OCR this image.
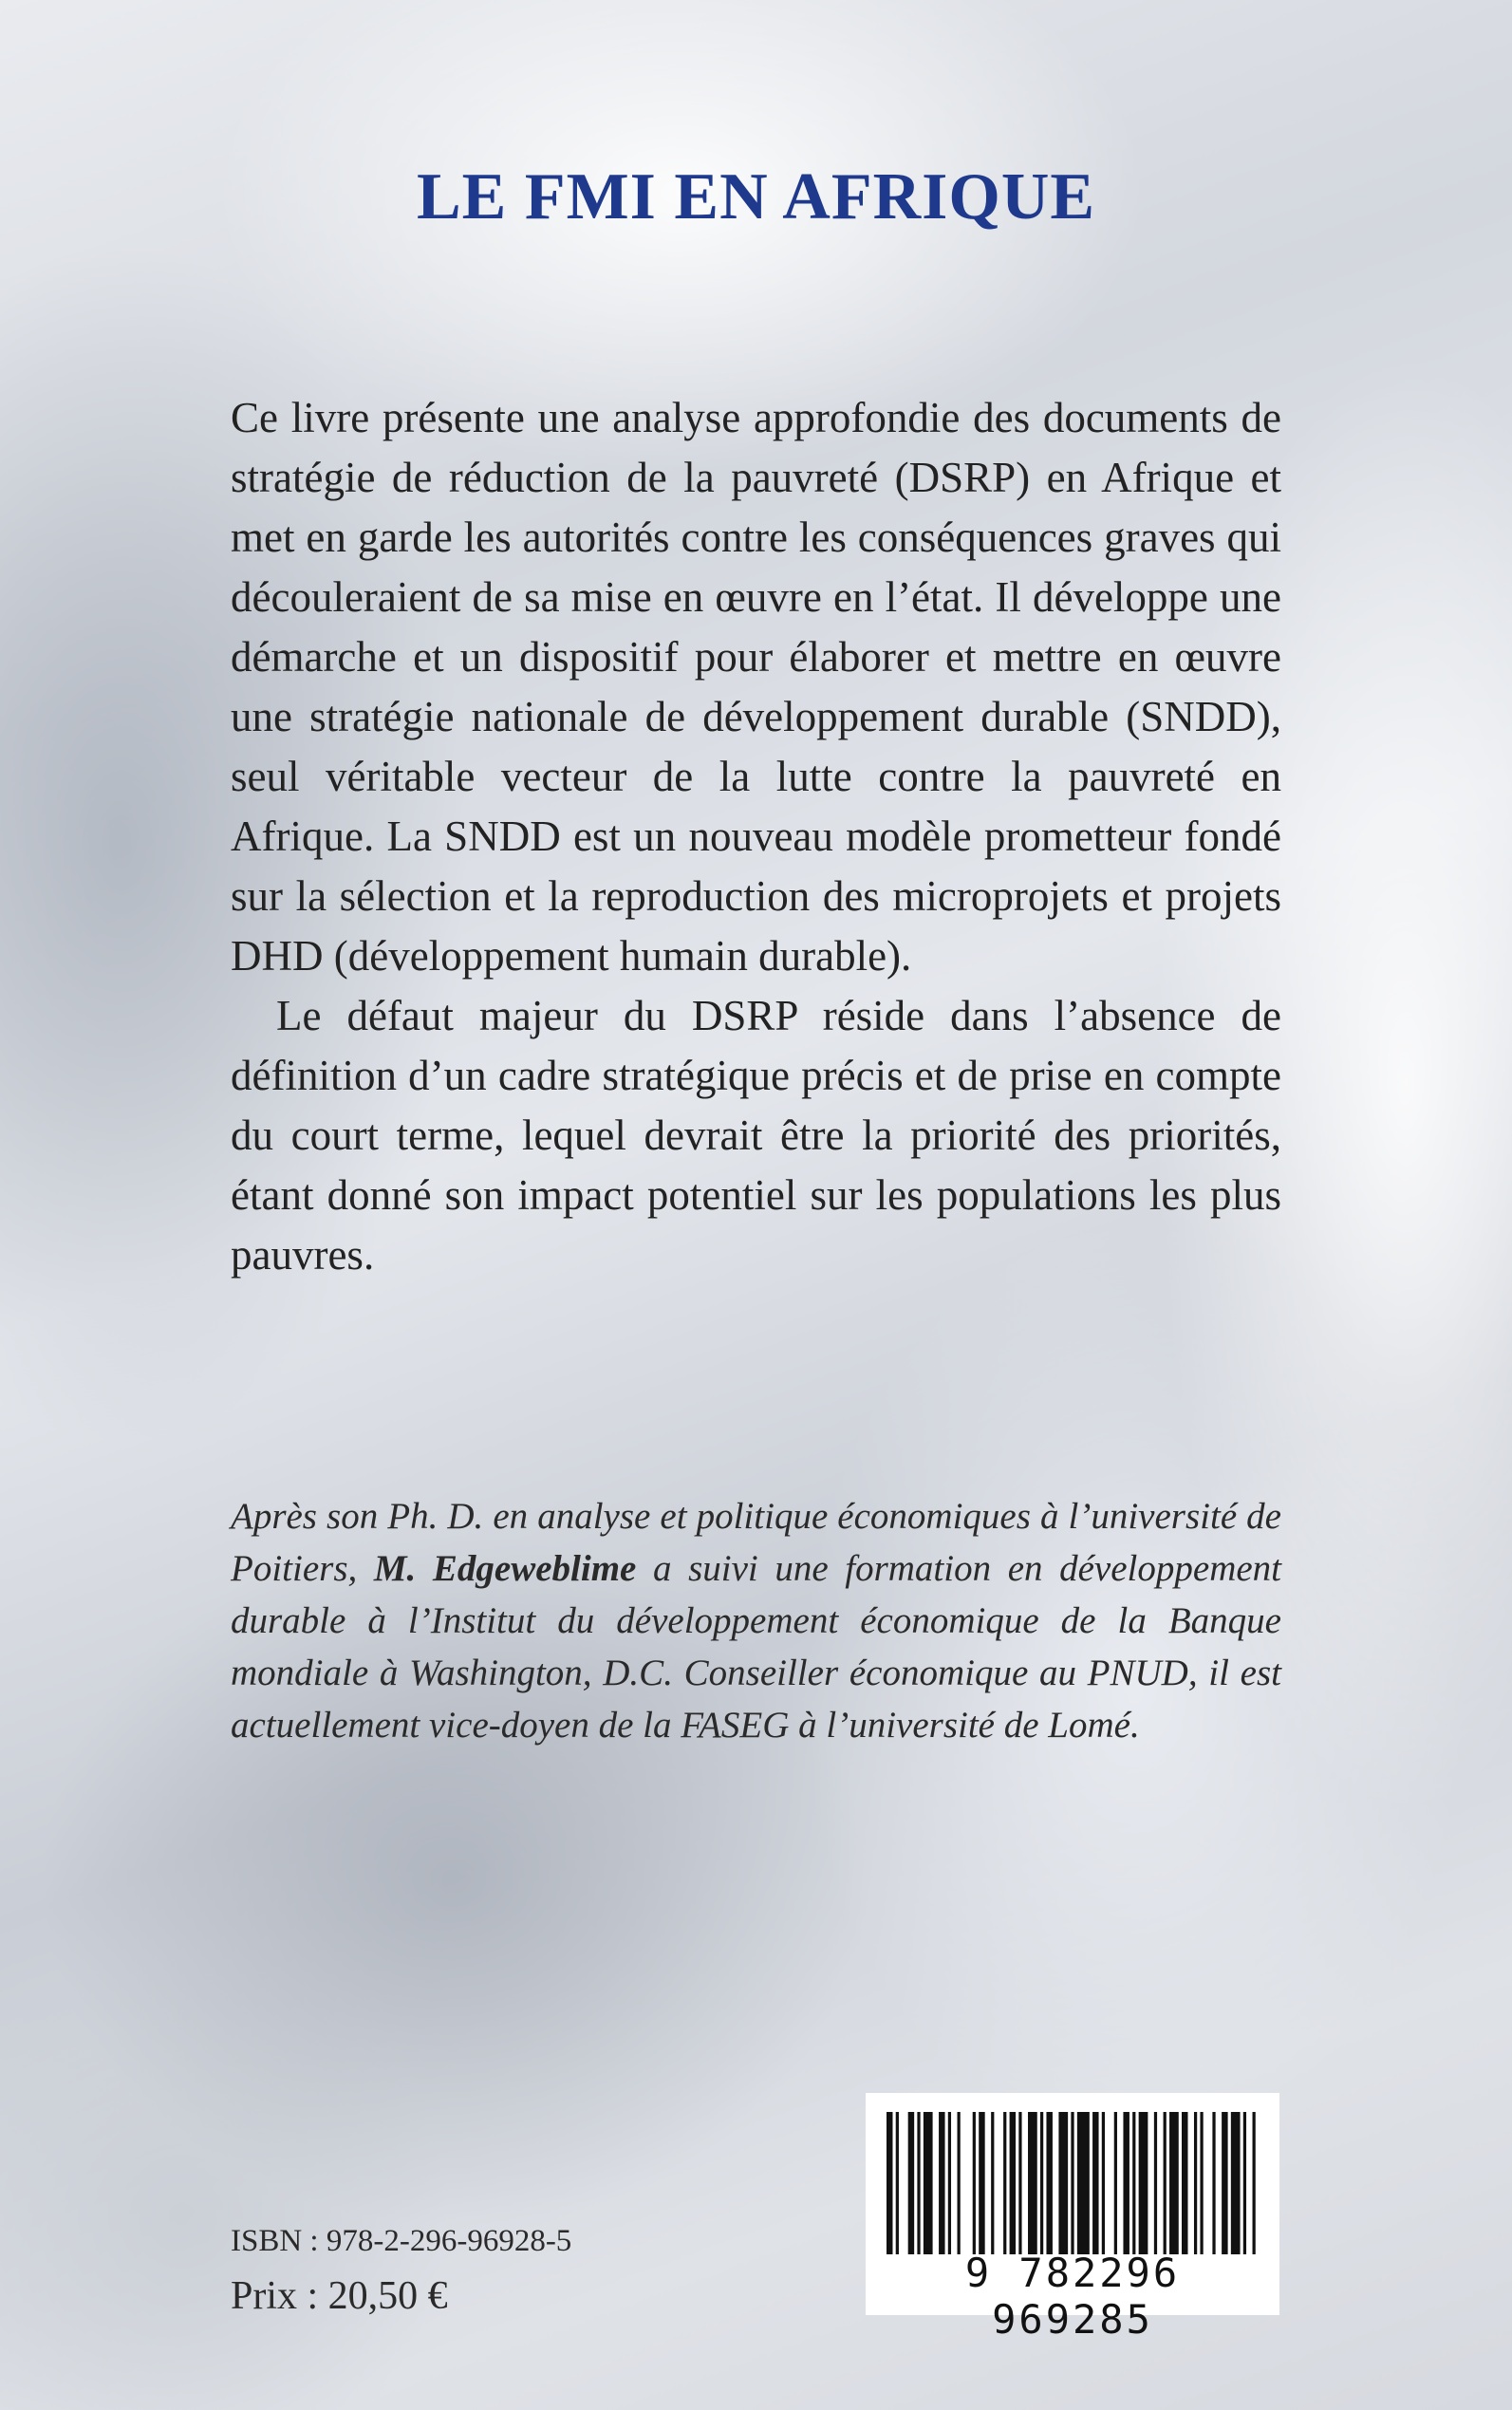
LE FMI EN AFRIQUE

Ce livre présente une analyse approfondie des documents de stratégie de réduction de la pauvreté (DSRP) en Afrique et met en garde les autorités contre les conséquences graves qui découleraient de sa mise en œuvre en l’état. Il développe une démarche et un dispositif pour élaborer et mettre en œuvre une stratégie nationale de développement durable (SNDD), seul véritable vecteur de la lutte contre la pauvreté en Afrique. La SNDD est un nouveau modèle prometteur fondé sur la sélection et la reproduction des microprojets et projets DHD (développement humain durable).

Le défaut majeur du DSRP réside dans l’absence de définition d’un cadre stratégique précis et de prise en compte du court terme, lequel devrait être la priorité des priorités, étant donné son impact potentiel sur les populations les plus pauvres.

Après son Ph. D. en analyse et politique économiques à l’université de Poitiers, M. Edgeweblime a suivi une formation en développement durable à l’Institut du développement économique de la Banque mondiale à Washington, D.C. Conseiller économique au PNUD, il est actuellement vice-doyen de la FASEG à l’université de Lomé.

ISBN : 978-2-296-96928-5

Prix : 20,50 €	9 782296 969285
